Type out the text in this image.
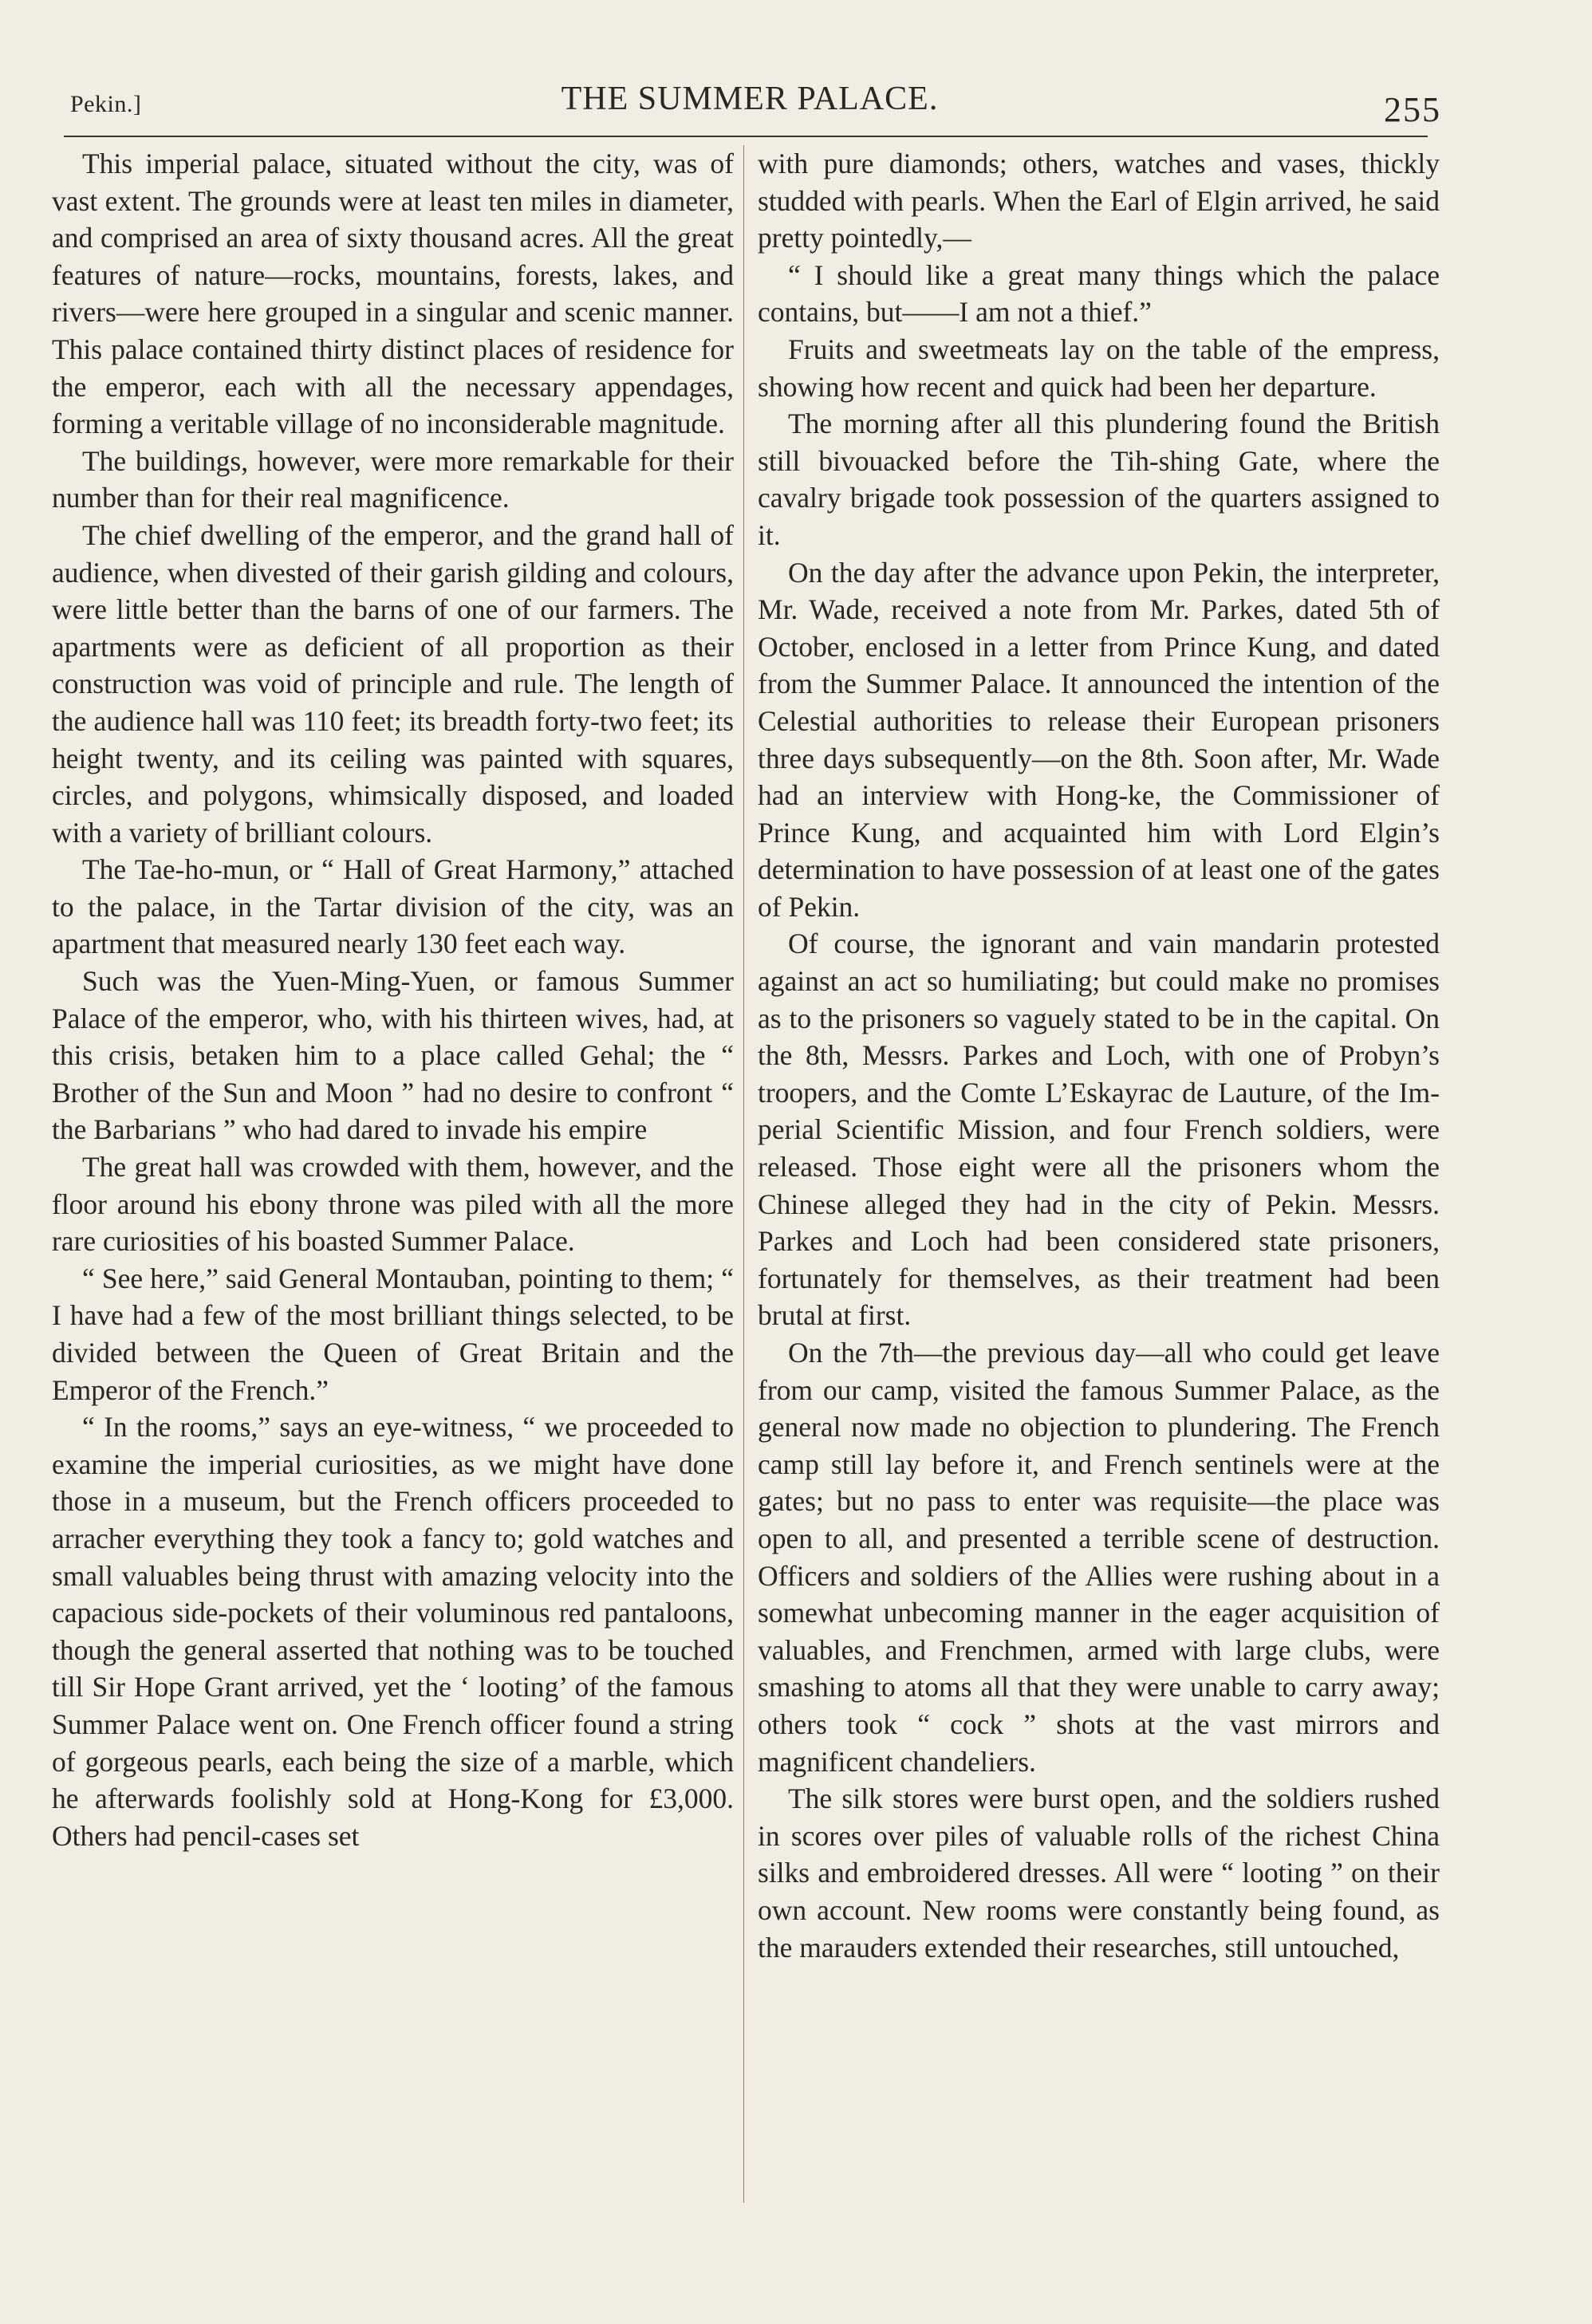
Pekin.]	THE SUMMER PALACE.	255

This imperial palace, situated without the city, was of vast extent. The grounds were at least ten miles in diameter, and comprised an area of sixty thousand acres. All the great features of nature—rocks, mountains, forests, lakes, and rivers—were here grouped in a singular and scenic manner. This palace contained thirty distinct places of residence for the emperor, each with all the necessary appendages, forming a veritable village of no inconsiderable magnitude.

The buildings, however, were more remarkable for their number than for their real magnificence.

The chief dwelling of the emperor, and the grand hall of audience, when divested of their garish gilding and colours, were little better than the barns of one of our farmers. The apartments were as deficient of all proportion as their construction was void of principle and rule. The length of the audience hall was 110 feet; its breadth forty-two feet; its height twenty, and its ceiling was painted with squares, circles, and polygons, whimsically disposed, and loaded with a variety of brilliant colours.

The Tae-ho-mun, or “ Hall of Great Harmony,” attached to the palace, in the Tartar division of the city, was an apartment that measured nearly 130 feet each way.

Such was the Yuen-Ming-Yuen, or famous Summer Palace of the emperor, who, with his thirteen wives, had, at this crisis, betaken him to a place called Gehal; the “ Brother of the Sun and Moon ” had no desire to confront “ the Barbarians ” who had dared to invade his empire

The great hall was crowded with them, however, and the floor around his ebony throne was piled with all the more rare curiosities of his boasted Summer Palace.

“ See here,” said General Montauban, pointing to them; “ I have had a few of the most brilliant things selected, to be divided between the Queen of Great Britain and the Emperor of the French.”

“ In the rooms,” says an eye-witness, “ we proceeded to examine the imperial curiosities, as we might have done those in a museum, but the French officers proceeded to arracher everything they took a fancy to; gold watches and small valuables being thrust with amazing velocity into the capacious side-pockets of their voluminous red pantaloons, though the general asserted that nothing was to be touched till Sir Hope Grant arrived, yet the ‘ looting’ of the famous Summer Palace went on. One French officer found a string of gorgeous pearls, each being the size of a marble, which he afterwards foolishly sold at Hong-Kong for £3,000. Others had pencil-cases set

with pure diamonds; others, watches and vases, thickly studded with pearls. When the Earl of Elgin arrived, he said pretty pointedly,—

“ I should like a great many things which the palace contains, but——I am not a thief.”

Fruits and sweetmeats lay on the table of the empress, showing how recent and quick had been her departure.

The morning after all this plundering found the British still bivouacked before the Tih-shing Gate, where the cavalry brigade took possession of the quarters assigned to it.

On the day after the advance upon Pekin, the interpreter, Mr. Wade, received a note from Mr. Parkes, dated 5th of October, enclosed in a letter from Prince Kung, and dated from the Summer Palace. It announced the intention of the Celestial authorities to release their European prisoners three days subsequently—on the 8th. Soon after, Mr. Wade had an interview with Hong-ke, the Commissioner of Prince Kung, and acquainted him with Lord Elgin’s determination to have possession of at least one of the gates of Pekin.

Of course, the ignorant and vain mandarin protested against an act so humiliating; but could make no promises as to the prisoners so vaguely stated to be in the capital. On the 8th, Messrs. Parkes and Loch, with one of Probyn’s troopers, and the Comte L’Eskayrac de Lauture, of the Imperial Scientific Mission, and four French soldiers, were released. Those eight were all the prisoners whom the Chinese alleged they had in the city of Pekin. Messrs. Parkes and Loch had been considered state prisoners, fortunately for themselves, as their treatment had been brutal at first.

On the 7th—the previous day—all who could get leave from our camp, visited the famous Summer Palace, as the general now made no objection to plundering. The French camp still lay before it, and French sentinels were at the gates; but no pass to enter was requisite—the place was open to all, and presented a terrible scene of destruction. Officers and soldiers of the Allies were rushing about in a somewhat unbecoming manner in the eager acquisition of valuables, and Frenchmen, armed with large clubs, were smashing to atoms all that they were unable to carry away; others took “ cock ” shots at the vast mirrors and magnificent chandeliers.

The silk stores were burst open, and the soldiers rushed in scores over piles of valuable rolls of the richest China silks and embroidered dresses. All were “ looting ” on their own account. New rooms were constantly being found, as the marauders extended their researches, still untouched,
